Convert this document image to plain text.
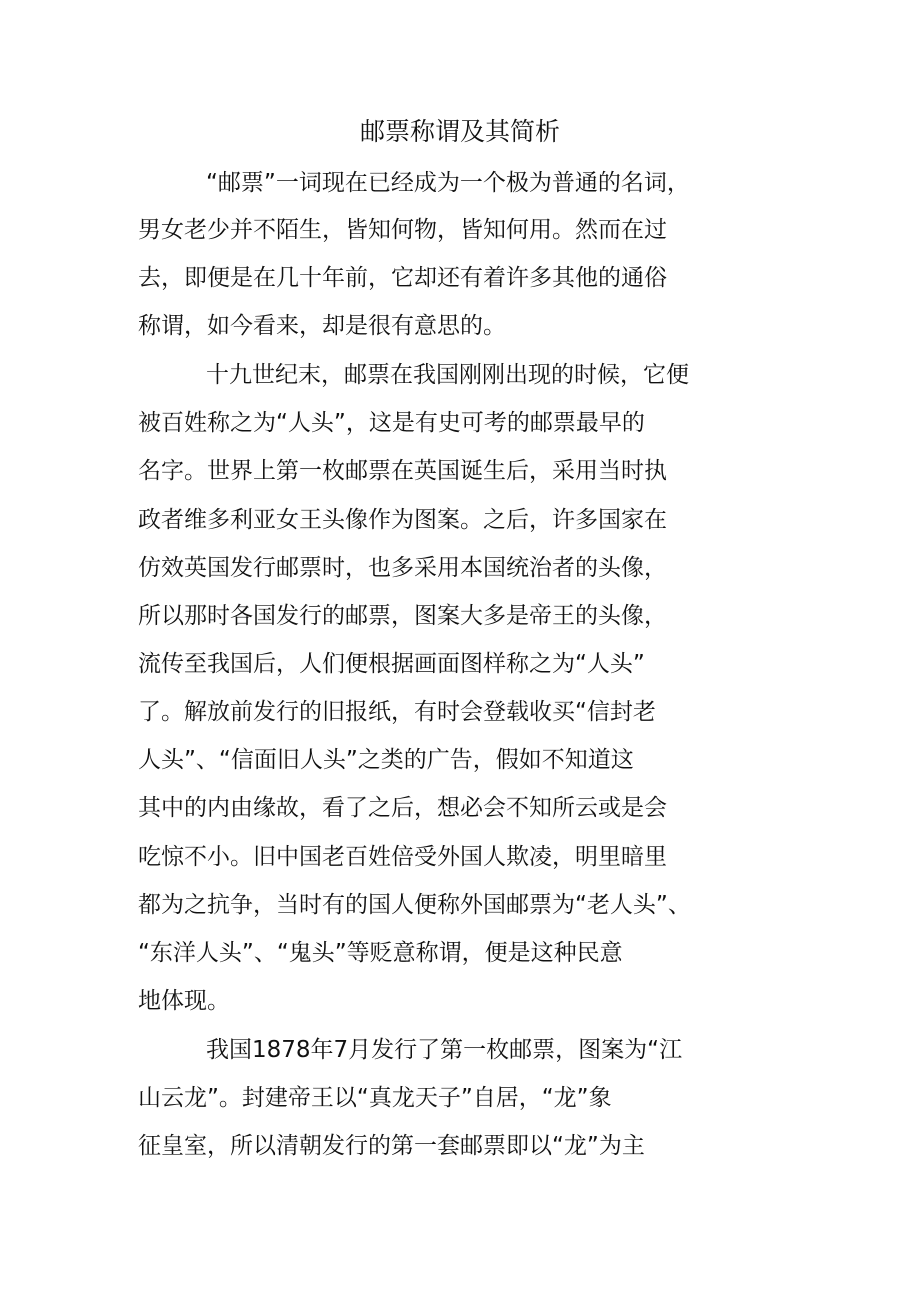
邮票称谓及其简析
“邮票”一词现在已经成为一个极为普通的名词，
男女老少并不陌生，皆知何物，皆知何用。然而在过
去，即便是在几十年前，它却还有着许多其他的通俗
称谓，如今看来，却是很有意思的。
十九世纪末，邮票在我国刚刚出现的时候，它便
被百姓称之为“人头”，这是有史可考的邮票最早的
名字。世界上第一枚邮票在英国诞生后，采用当时执
政者维多利亚女王头像作为图案。之后，许多国家在
仿效英国发行邮票时，也多采用本国统治者的头像，
所以那时各国发行的邮票，图案大多是帝王的头像，
流传至我国后，人们便根据画面图样称之为“人头”
了。解放前发行的旧报纸，有时会登载收买“信封老
人头”、“信面旧人头”之类的广告，假如不知道这
其中的内由缘故，看了之后，想必会不知所云或是会
吃惊不小。旧中国老百姓倍受外国人欺凌，明里暗里
都为之抗争，当时有的国人便称外国邮票为“老人头”、
“东洋人头”、“鬼头”等贬意称谓，便是这种民意
地体现。
我国1878年7月发行了第一枚邮票，图案为“江
山云龙”。封建帝王以“真龙天子”自居，“龙”象
征皇室，所以清朝发行的第一套邮票即以“龙”为主
